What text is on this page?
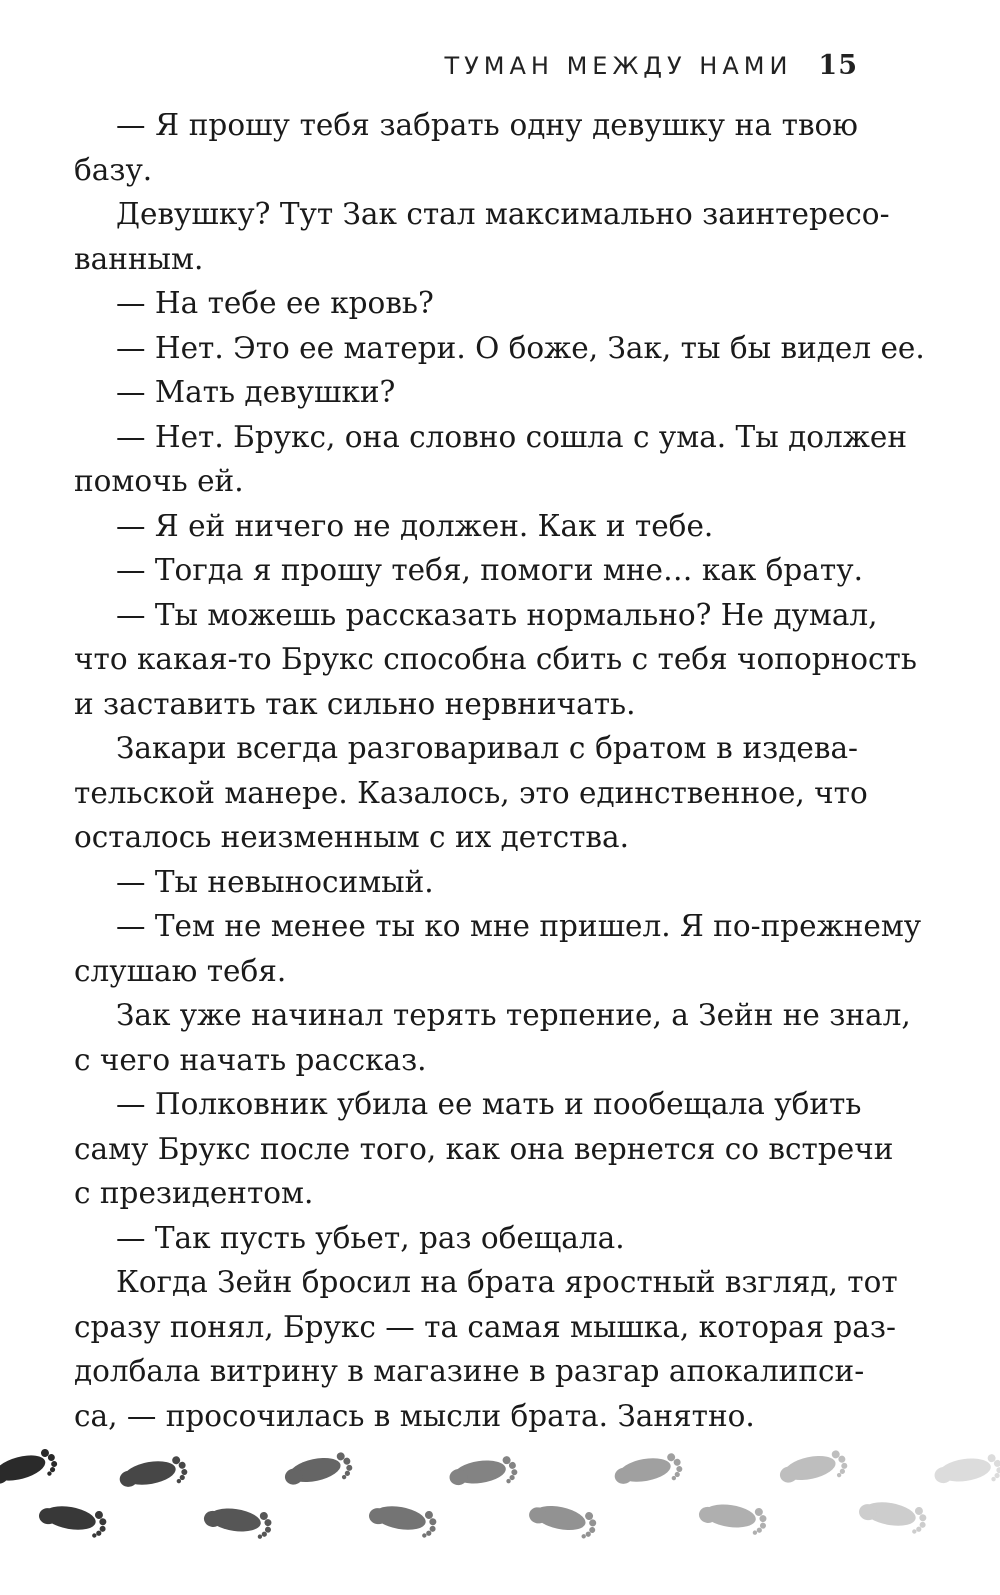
ТУМАН МЕЖДУ НАМИ 15
— Я прошу тебя забрать одну девушку на твою
базу.
Девушку? Тут Зак стал максимально заинтересо-
ванным.
— На тебе ее кровь?
— Нет. Это ее матери. О боже, Зак, ты бы видел ее.
— Мать девушки?
— Нет. Брукс, она словно сошла с ума. Ты должен
помочь ей.
— Я ей ничего не должен. Как и тебе.
— Тогда я прошу тебя, помоги мне… как брату.
— Ты можешь рассказать нормально? Не думал,
что какая-то Брукс способна сбить с тебя чопорность
и заставить так сильно нервничать.
Закари всегда разговаривал с братом в издева-
тельской манере. Казалось, это единственное, что
осталось неизменным с их детства.
— Ты невыносимый.
— Тем не менее ты ко мне пришел. Я по-прежнему
слушаю тебя.
Зак уже начинал терять терпение, а Зейн не знал,
с чего начать рассказ.
— Полковник убила ее мать и пообещала убить
саму Брукс после того, как она вернется со встречи
с президентом.
— Так пусть убьет, раз обещала.
Когда Зейн бросил на брата яростный взгляд, тот
сразу понял, Брукс — та самая мышка, которая раз-
долбала витрину в магазине в разгар апокалипси-
са, — просочилась в мысли брата. Занятно.
